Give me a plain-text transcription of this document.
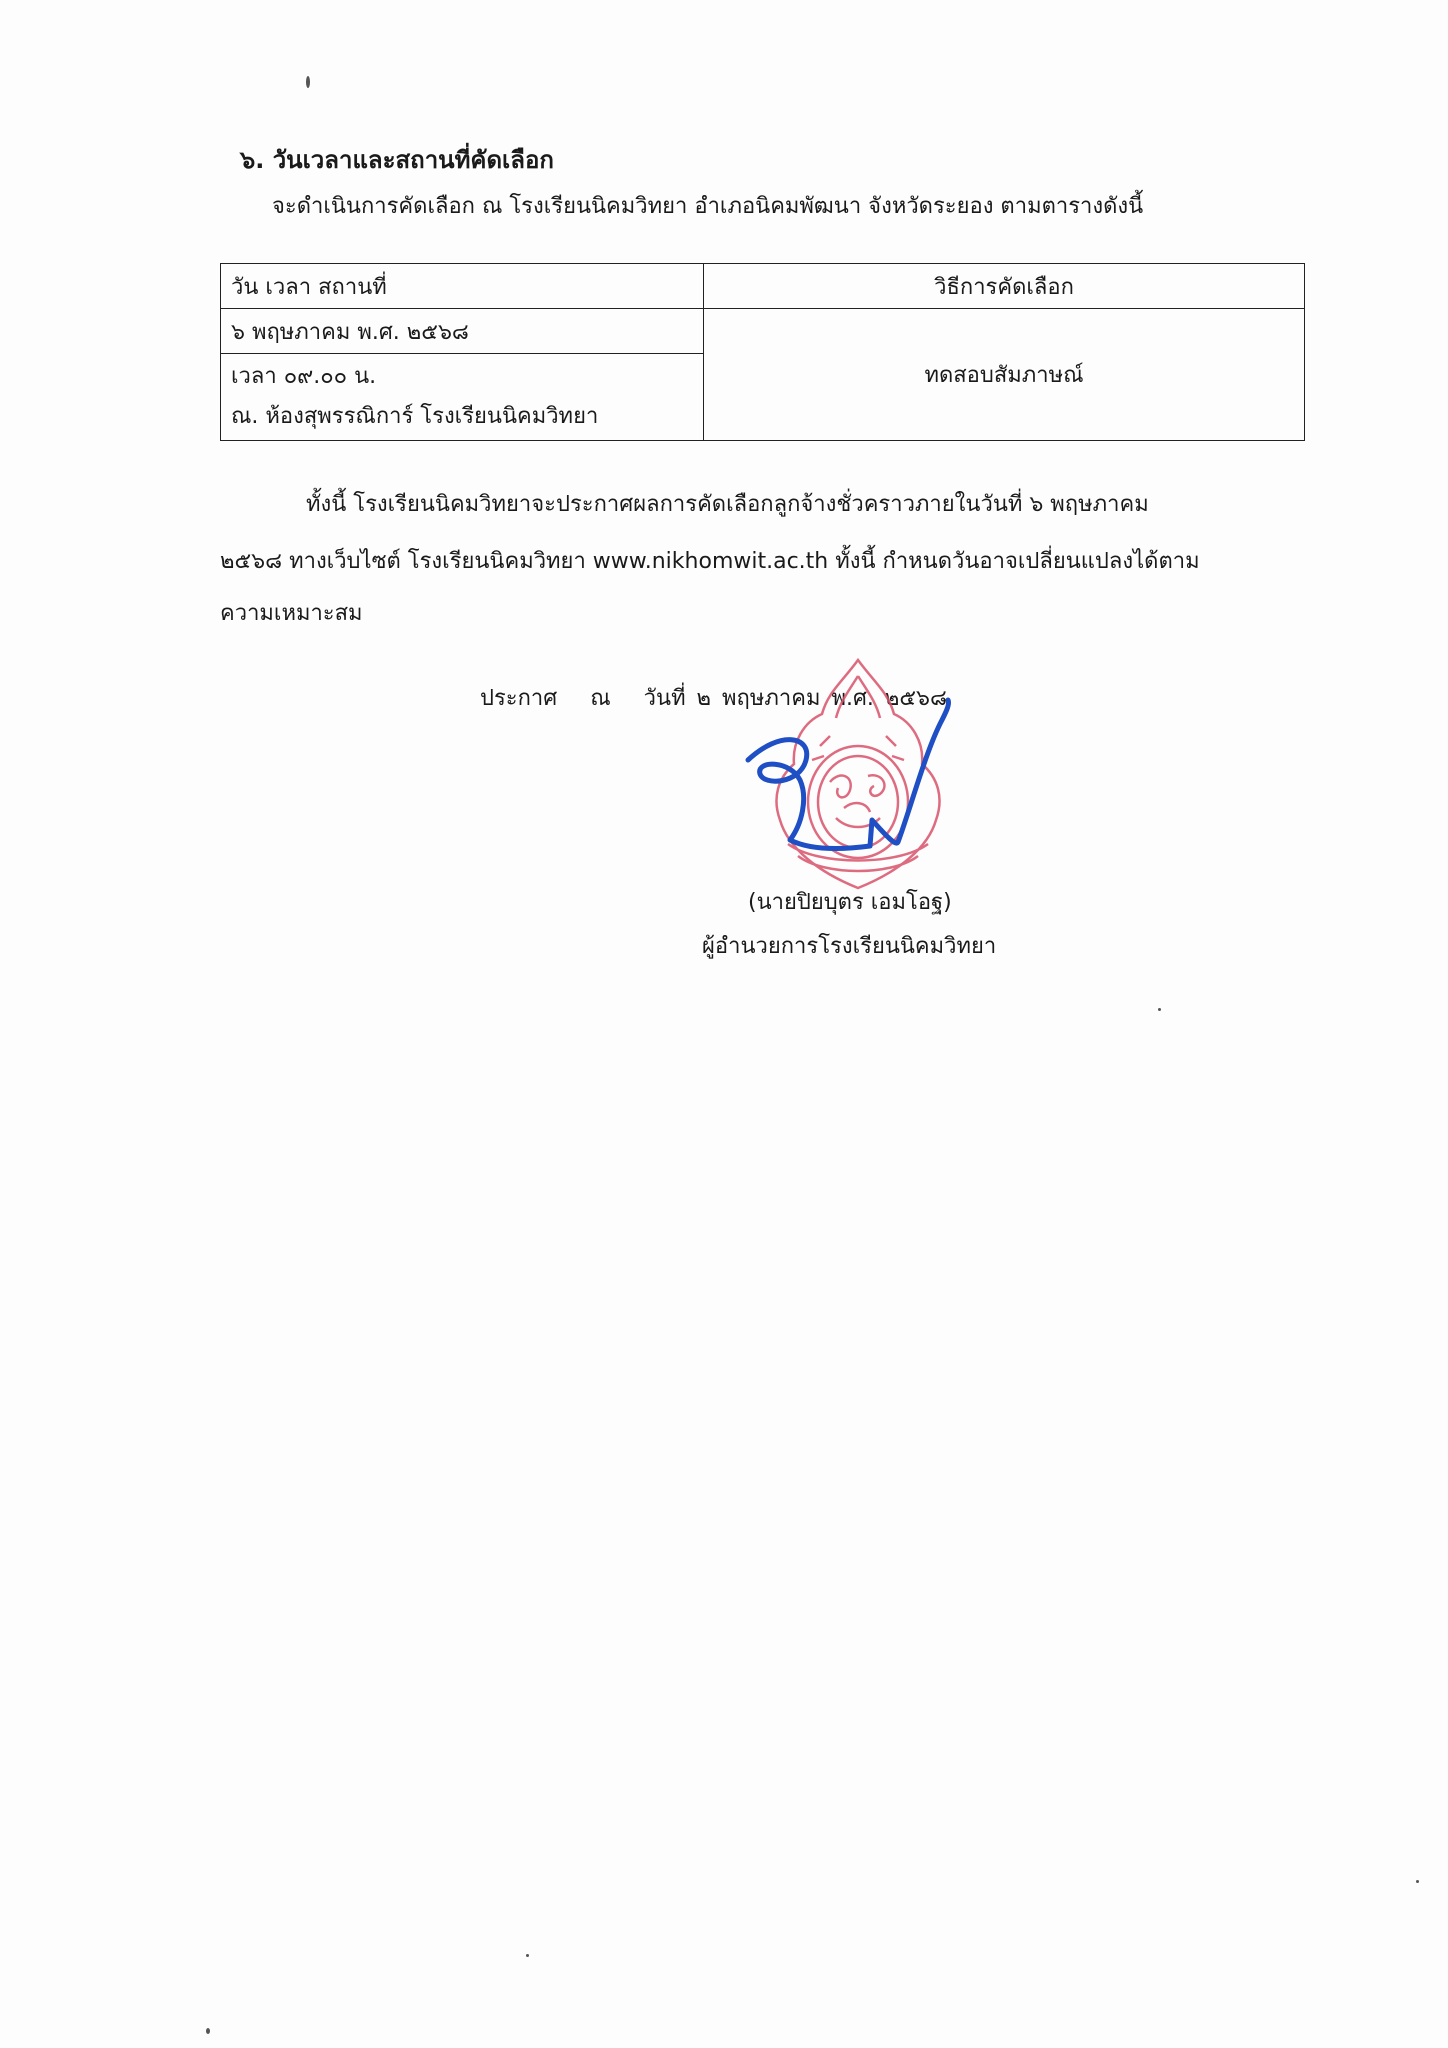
๖. วันเวลาและสถานที่คัดเลือก
จะดำเนินการคัดเลือก ณ โรงเรียนนิคมวิทยา อำเภอนิคมพัฒนา จังหวัดระยอง ตามตารางดังนี้
วัน เวลา สถานที่	วิธีการคัดเลือก
๖ พฤษภาคม พ.ศ. ๒๕๖๘	ทดสอบสัมภาษณ์

เวลา ๐๙.๐๐ น.
ณ. ห้องสุพรรณิการ์ โรงเรียนนิคมวิทยา	
ทั้งนี้ โรงเรียนนิคมวิทยาจะประกาศผลการคัดเลือกลูกจ้างชั่วคราวภายในวันที่ ๖ พฤษภาคม
๒๕๖๘ ทางเว็บไซต์ โรงเรียนนิคมวิทยา www.nikhomwit.ac.th ทั้งนี้ กำหนดวันอาจเปลี่ยนแปลงได้ตาม
ความเหมาะสม
ประกาศ ณ วันที่ ๒ พฤษภาคม พ.ศ. ๒๕๖๘
(นายปิยบุตร เอมโอฐ)
ผู้อำนวยการโรงเรียนนิคมวิทยา
